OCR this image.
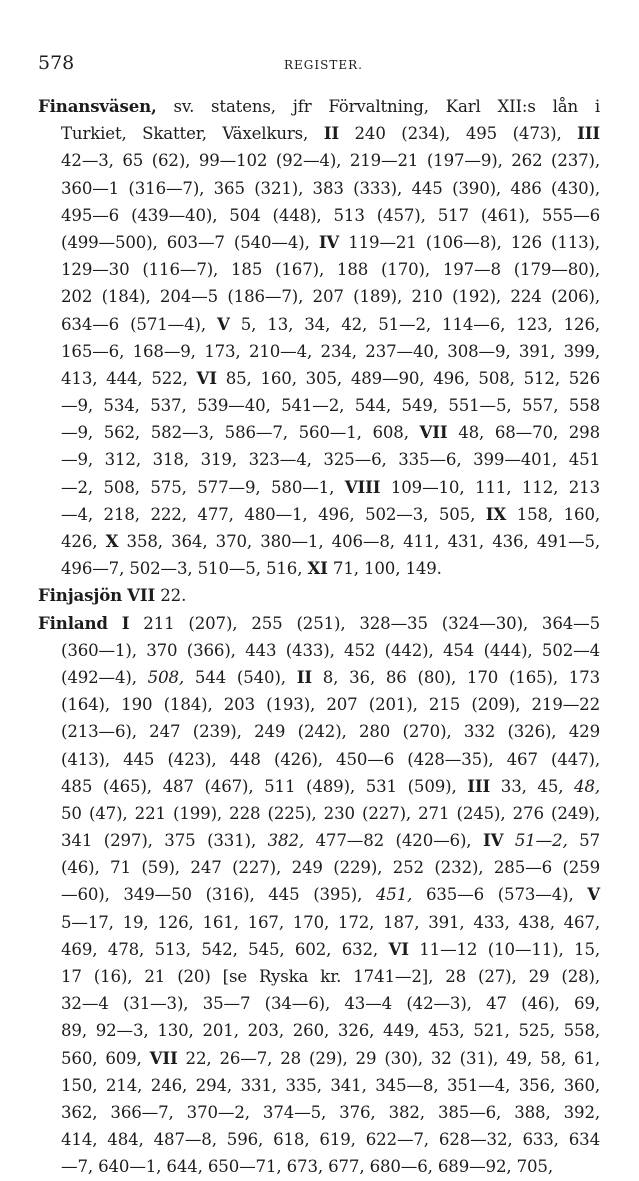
578	REGISTER.
Finansväsen, sv. statens, jfr Förvaltning, Karl XII:s lån i
Turkiet, Skatter, Växelkurs, II 240 (234), 495 (473), III
42—3, 65 (62), 99—102 (92—4), 219—21 (197—9), 262 (237),
360—1 (316—7), 365 (321), 383 (333), 445 (390), 486 (430),
495—6 (439—40), 504 (448), 513 (457), 517 (461), 555—6
(499—500), 603—7 (540—4), IV 119—21 (106—8), 126 (113),
129—30 (116—7), 185 (167), 188 (170), 197—8 (179—80),
202 (184), 204—5 (186—7), 207 (189), 210 (192), 224 (206),
634—6 (571—4), V 5, 13, 34, 42, 51—2, 114—6, 123, 126,
165—6, 168—9, 173, 210—4, 234, 237—40, 308—9, 391, 399,
413, 444, 522, VI 85, 160, 305, 489—90, 496, 508, 512, 526
—9, 534, 537, 539—40, 541—2, 544, 549, 551—5, 557, 558
—9, 562, 582—3, 586—7, 560—1, 608, VII 48, 68—70, 298
—9, 312, 318, 319, 323—4, 325—6, 335—6, 399—401, 451
—2, 508, 575, 577—9, 580—1, VIII 109—10, 111, 112, 213
—4, 218, 222, 477, 480—1, 496, 502—3, 505, IX 158, 160,
426, X 358, 364, 370, 380—1, 406—8, 411, 431, 436, 491—5,
496—7, 502—3, 510—5, 516, XI 71, 100, 149.
Finjasjön VII 22.
Finland I 211 (207), 255 (251), 328—35 (324—30), 364—5
(360—1), 370 (366), 443 (433), 452 (442), 454 (444), 502—4
(492—4), 508, 544 (540), II 8, 36, 86 (80), 170 (165), 173
(164), 190 (184), 203 (193), 207 (201), 215 (209), 219—22
(213—6), 247 (239), 249 (242), 280 (270), 332 (326), 429
(413), 445 (423), 448 (426), 450—6 (428—35), 467 (447),
485 (465), 487 (467), 511 (489), 531 (509), III 33, 45, 48,
50 (47), 221 (199), 228 (225), 230 (227), 271 (245), 276 (249),
341 (297), 375 (331), 382, 477—82 (420—6), IV 51—2, 57
(46), 71 (59), 247 (227), 249 (229), 252 (232), 285—6 (259
—60), 349—50 (316), 445 (395), 451, 635—6 (573—4), V
5—17, 19, 126, 161, 167, 170, 172, 187, 391, 433, 438, 467,
469, 478, 513, 542, 545, 602, 632, VI 11—12 (10—11), 15,
17 (16), 21 (20) [se Ryska kr. 1741—2], 28 (27), 29 (28),
32—4 (31—3), 35—7 (34—6), 43—4 (42—3), 47 (46), 69,
89, 92—3, 130, 201, 203, 260, 326, 449, 453, 521, 525, 558,
560, 609, VII 22, 26—7, 28 (29), 29 (30), 32 (31), 49, 58, 61,
150, 214, 246, 294, 331, 335, 341, 345—8, 351—4, 356, 360,
362, 366—7, 370—2, 374—5, 376, 382, 385—6, 388, 392,
414, 484, 487—8, 596, 618, 619, 622—7, 628—32, 633, 634
—7, 640—1, 644, 650—71, 673, 677, 680—6, 689—92, 705,
